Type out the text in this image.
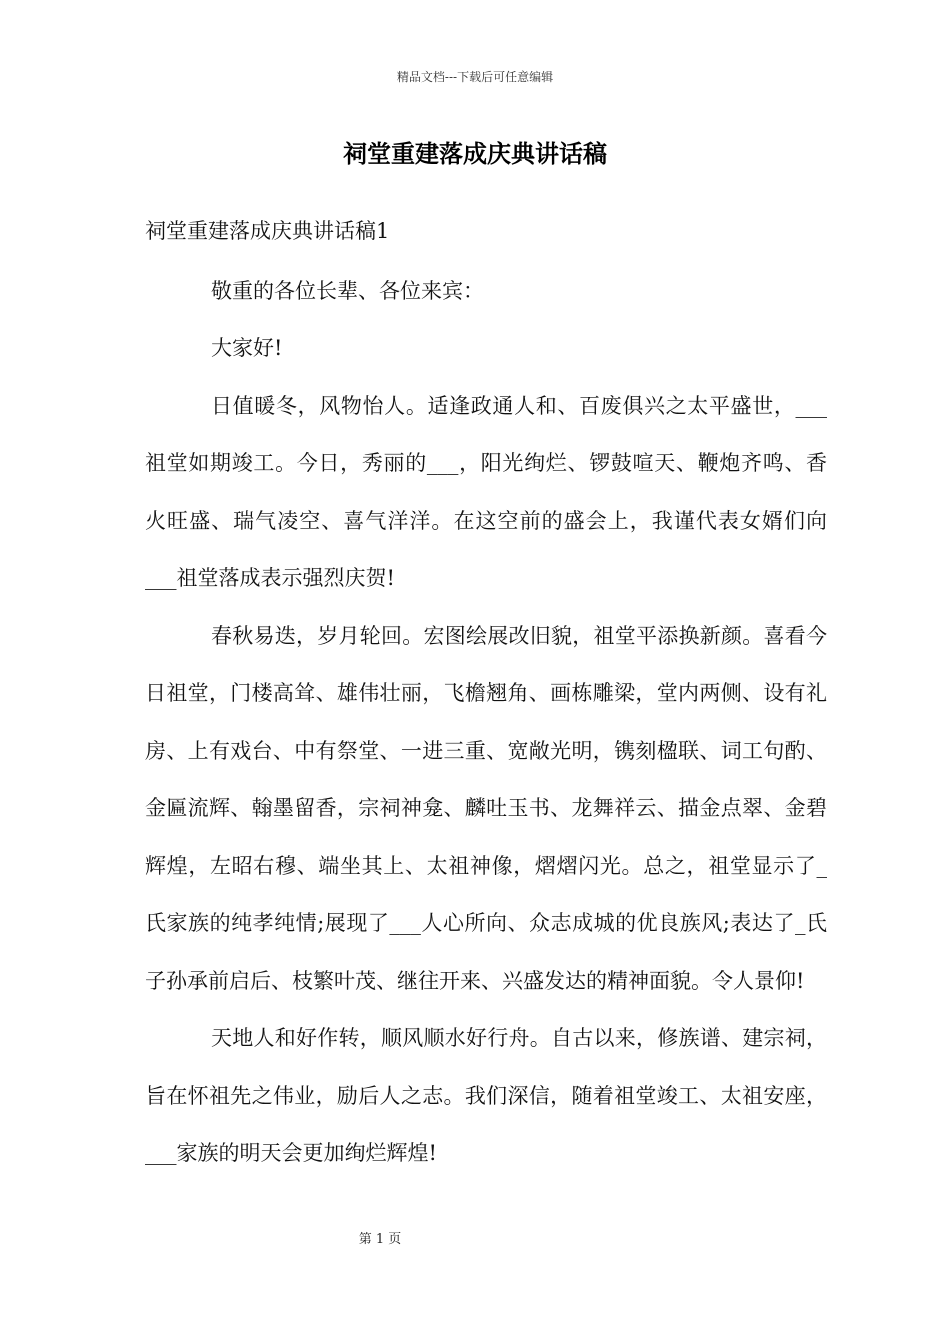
精品文档---下载后可任意编辑
祠堂重建落成庆典讲话稿

祠堂重建落成庆典讲话稿1

敬重的各位长辈、各位来宾：

大家好!

日值暖冬，风物怡人。适逢政通人和、百废俱兴之太平盛世，___祖堂如期竣工。今日，秀丽的___，阳光绚烂、锣鼓喧天、鞭炮齐鸣、香火旺盛、瑞气凌空、喜气洋洋。在这空前的盛会上，我谨代表女婿们向___祖堂落成表示强烈庆贺!

春秋易迭，岁月轮回。宏图绘展改旧貌，祖堂平添换新颜。喜看今日祖堂，门楼高耸、雄伟壮丽，飞檐翘角、画栋雕梁，堂内两侧、设有礼房、上有戏台、中有祭堂、一进三重、宽敞光明，镌刻楹联、词工句酌、金匾流辉、翰墨留香，宗祠神龛、麟吐玉书、龙舞祥云、描金点翠、金碧辉煌，左昭右穆、端坐其上、太祖神像，熠熠闪光。总之，祖堂显示了_氏家族的纯孝纯情;展现了___人心所向、众志成城的优良族风;表达了_氏子孙承前启后、枝繁叶茂、继往开来、兴盛发达的精神面貌。令人景仰!

天地人和好作转，顺风顺水好行舟。自古以来，修族谱、建宗祠，旨在怀祖先之伟业，励后人之志。我们深信，随着祖堂竣工、太祖安座，___家族的明天会更加绚烂辉煌!

第 1 页
